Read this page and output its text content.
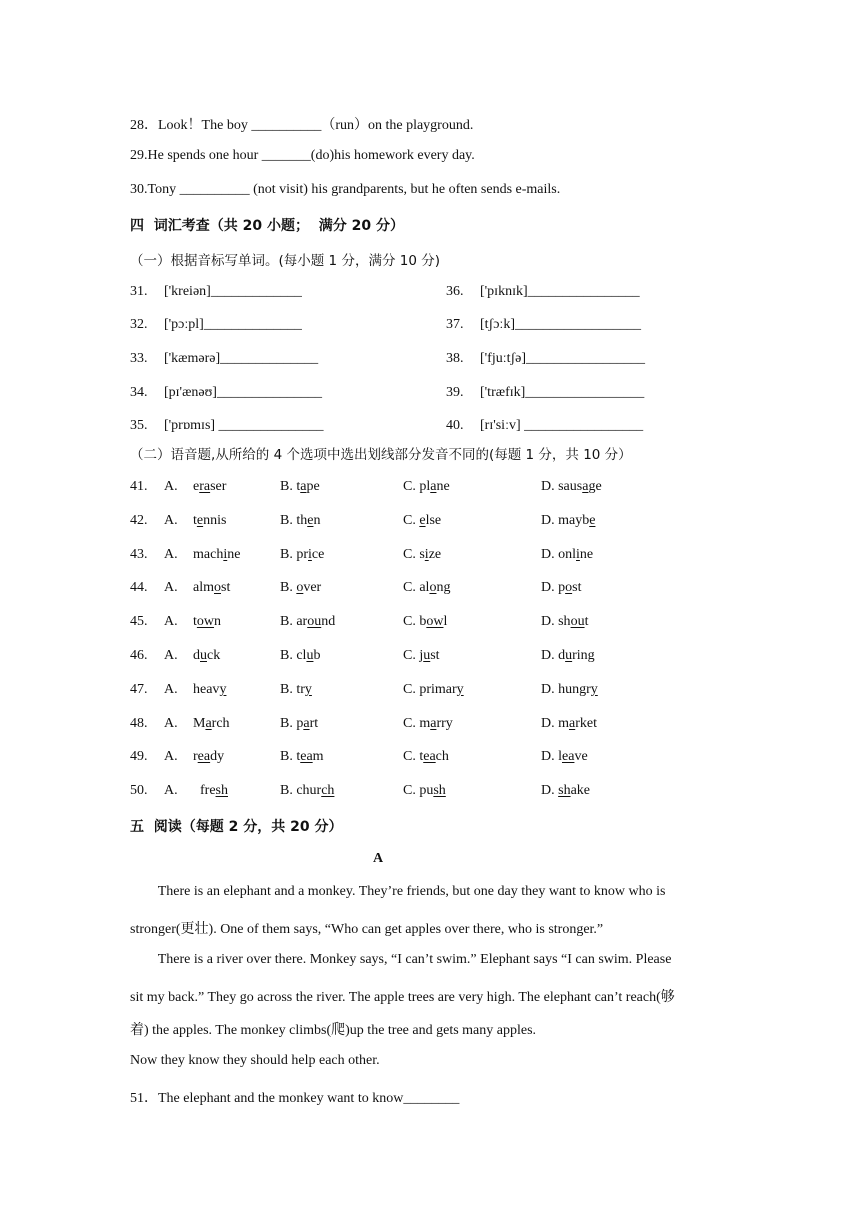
28．Look！The boy __________（run）on the playground.
29.He spends one hour _______(do)his homework every day.
30.Tony __________ (not visit) his grandparents, but he often sends e-mails.
四  词汇考查（共 20 小题；  满分 20 分）
（一）根据音标写单词。(每小题 1 分，满分 10 分)
31. ['kreiən]_____________	36. ['pɪknɪk]________________
32. ['pɔːpl]______________	37. [tʃɔːk]__________________
33. ['kæmərə]______________	38. ['fjuːtʃə]_________________
34. [pɪ'ænəʊ]_______________	39. ['træfɪk]_________________
35. ['prɒmɪs] _______________	40. [rɪ'siːv] _________________
（二）语音题,从所给的 4 个选项中选出划线部分发音不同的(每题 1 分，共 10 分）
41. A. eraser	B. tape	C. plane	D. sausage
42. A. tennis	B. then	C. else	D. maybe
43. A. machine	B. price	C. size	D. online
44. A. almost	B. over	C. along	D. post
45. A. town	B. around	C. bowl	D. shout
46. A. duck	B. club	C. just	D. during
47. A. heavy	B. try	C. primary	D. hungry
48. A. March	B. part	C. marry	D. market
49. A. ready	B. team	C. teach	D. leave
50. A. fresh	B. church	C. push	D. shake
五  阅读（每题 2 分，共 20 分）
A
There is an elephant and a monkey. They’re friends, but one day they want to know who is
stronger(更壮). One of them says, “Who can get apples over there, who is stronger.”
There is a river over there. Monkey says, “I can’t swim.” Elephant says “I can swim. Please
sit my back.” They go across the river. The apple trees are very high. The elephant can’t reach(够
着) the apples. The monkey climbs(爬)up the tree and gets many apples.
Now they know they should help each other.
51．The elephant and the monkey want to know________
